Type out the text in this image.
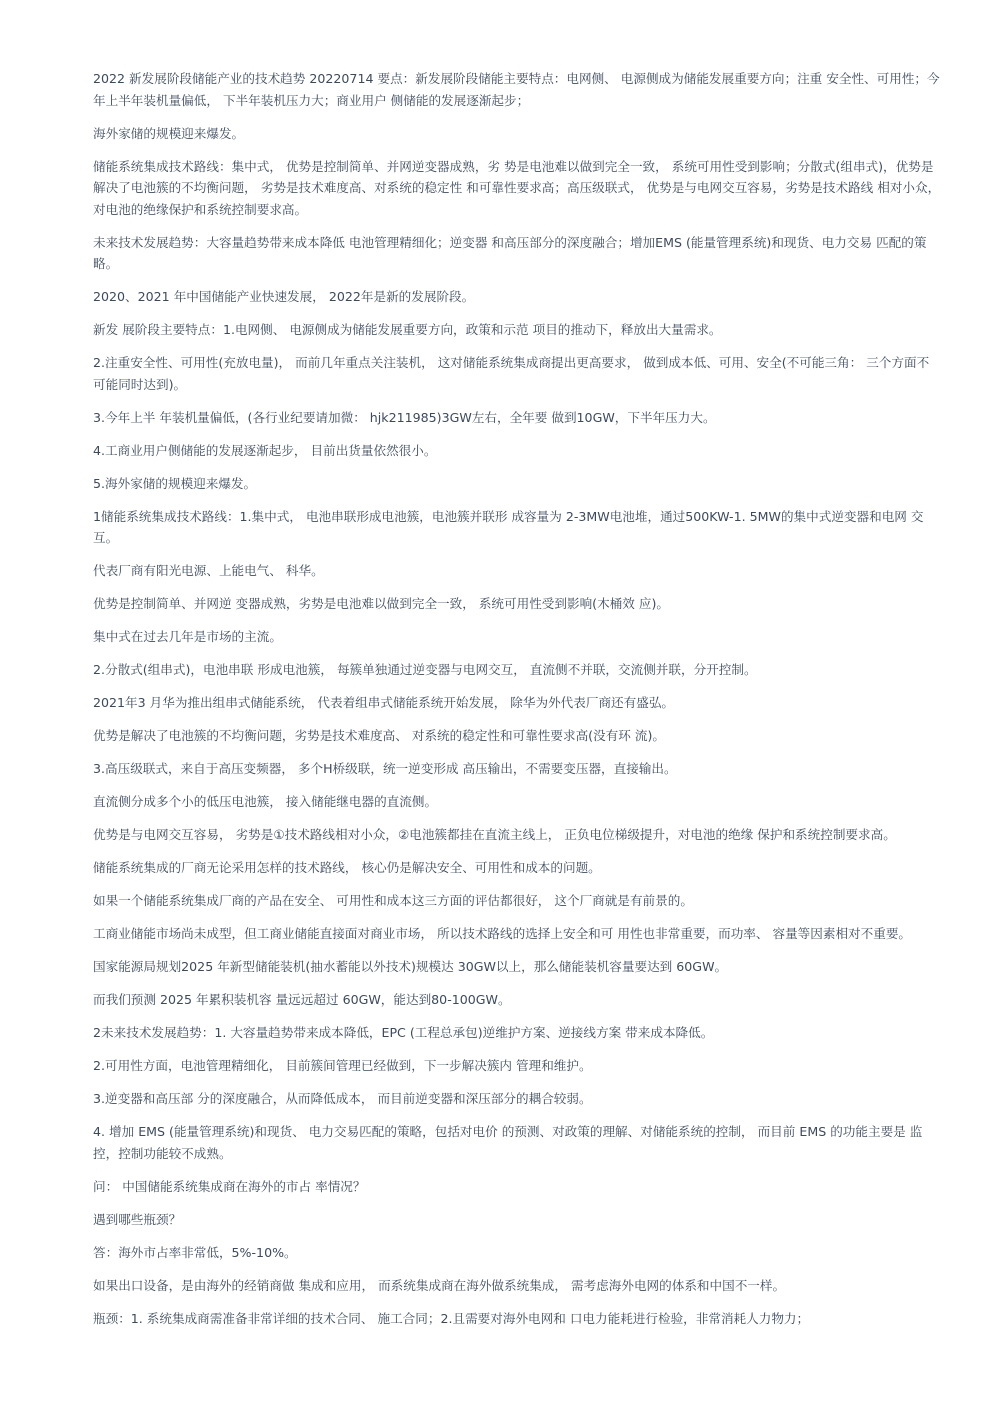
2022 新发展阶段储能产业的技术趋势 20220714 要点：新发展阶段储能主要特点：电网侧、 电源侧成为储能发展重要方向；注重 安全性、可用性；今年上半年装机量偏低， 下半年装机压力大；商业用户 侧储能的发展逐渐起步；

海外家储的规模迎来爆发。

储能系统集成技术路线：集中式， 优势是控制简单、并网逆变器成熟，劣 势是电池难以做到完全一致， 系统可用性受到影响；分散式(组串式)，优势是解决了电池簇的不均衡问题， 劣势是技术难度高、对系统的稳定性 和可靠性要求高；高压级联式， 优势是与电网交互容易，劣势是技术路线 相对小众，对电池的绝缘保护和系统控制要求高。

未来技术发展趋势：大容量趋势带来成本降低 电池管理精细化；逆变器 和高压部分的深度融合；增加EMS (能量管理系统)和现货、电力交易 匹配的策略。

2020、2021 年中国储能产业快速发展， 2022年是新的发展阶段。

新发 展阶段主要特点：1.电网侧、 电源侧成为储能发展重要方向，政策和示范 项目的推动下，释放出大量需求。

2.注重安全性、可用性(充放电量)， 而前几年重点关注装机， 这对储能系统集成商提出更高要求， 做到成本低、可用、安全(不可能三角： 三个方面不可能同时达到)。

3.今年上半 年装机量偏低，(各行业纪要请加微： hjk211985)3GW左右，全年要 做到10GW，下半年压力大。

4.工商业用户侧储能的发展逐渐起步， 目前出货量依然很小。

5.海外家储的规模迎来爆发。

1储能系统集成技术路线：1.集中式， 电池串联形成电池簇，电池簇并联形 成容量为 2-3MW电池堆，通过500KW-1. 5MW的集中式逆变器和电网 交互。

代表厂商有阳光电源、上能电气、 科华。

优势是控制简单、并网逆 变器成熟，劣势是电池难以做到完全一致， 系统可用性受到影响(木桶效 应)。

集中式在过去几年是市场的主流。

2.分散式(组串式)，电池串联 形成电池簇， 每簇单独通过逆变器与电网交互， 直流侧不并联，交流侧并联，分开控制。

2021年3 月华为推出组串式储能系统， 代表着组串式储能系统开始发展， 除华为外代表厂商还有盛弘。

优势是解决了电池簇的不均衡问题，劣势是技术难度高、 对系统的稳定性和可靠性要求高(没有环 流)。

3.高压级联式，来自于高压变频器， 多个H桥级联，统一逆变形成 高压输出，不需要变压器，直接输出。

直流侧分成多个小的低压电池簇， 接入储能继电器的直流侧。

优势是与电网交互容易， 劣势是①技术路线相对小众，②电池簇都挂在直流主线上， 正负电位梯级提升，对电池的绝缘 保护和系统控制要求高。

储能系统集成的厂商无论采用怎样的技术路线， 核心仍是解决安全、可用性和成本的问题。

如果一个储能系统集成厂商的产品在安全、 可用性和成本这三方面的评估都很好， 这个厂商就是有前景的。

工商业储能市场尚未成型，但工商业储能直接面对商业市场， 所以技术路线的选择上安全和可 用性也非常重要，而功率、 容量等因素相对不重要。

国家能源局规划2025 年新型储能装机(抽水蓄能以外技术)规模达 30GW以上，那么储能装机容量要达到 60GW。

而我们预测 2025 年累积装机容 量远远超过 60GW，能达到80-100GW。

2未来技术发展趋势：1. 大容量趋势带来成本降低，EPC (工程总承包)逆维护方案、逆接线方案 带来成本降低。

2.可用性方面，电池管理精细化， 目前簇间管理已经做到，下一步解决簇内 管理和维护。

3.逆变器和高压部 分的深度融合，从而降低成本， 而目前逆变器和深压部分的耦合较弱。

4. 增加 EMS (能量管理系统)和现货、 电力交易匹配的策略，包括对电价 的预测、对政策的理解、对储能系统的控制， 而目前 EMS 的功能主要是 监控，控制功能较不成熟。

问： 中国储能系统集成商在海外的市占 率情况？

遇到哪些瓶颈？

答：海外市占率非常低，5%-10%。

如果出口设备，是由海外的经销商做 集成和应用， 而系统集成商在海外做系统集成， 需考虑海外电网的体系和中国不一样。

瓶颈：1. 系统集成商需准备非常详细的技术合同、 施工合同；2.且需要对海外电网和 口电力能耗进行检验，非常消耗人力物力；
